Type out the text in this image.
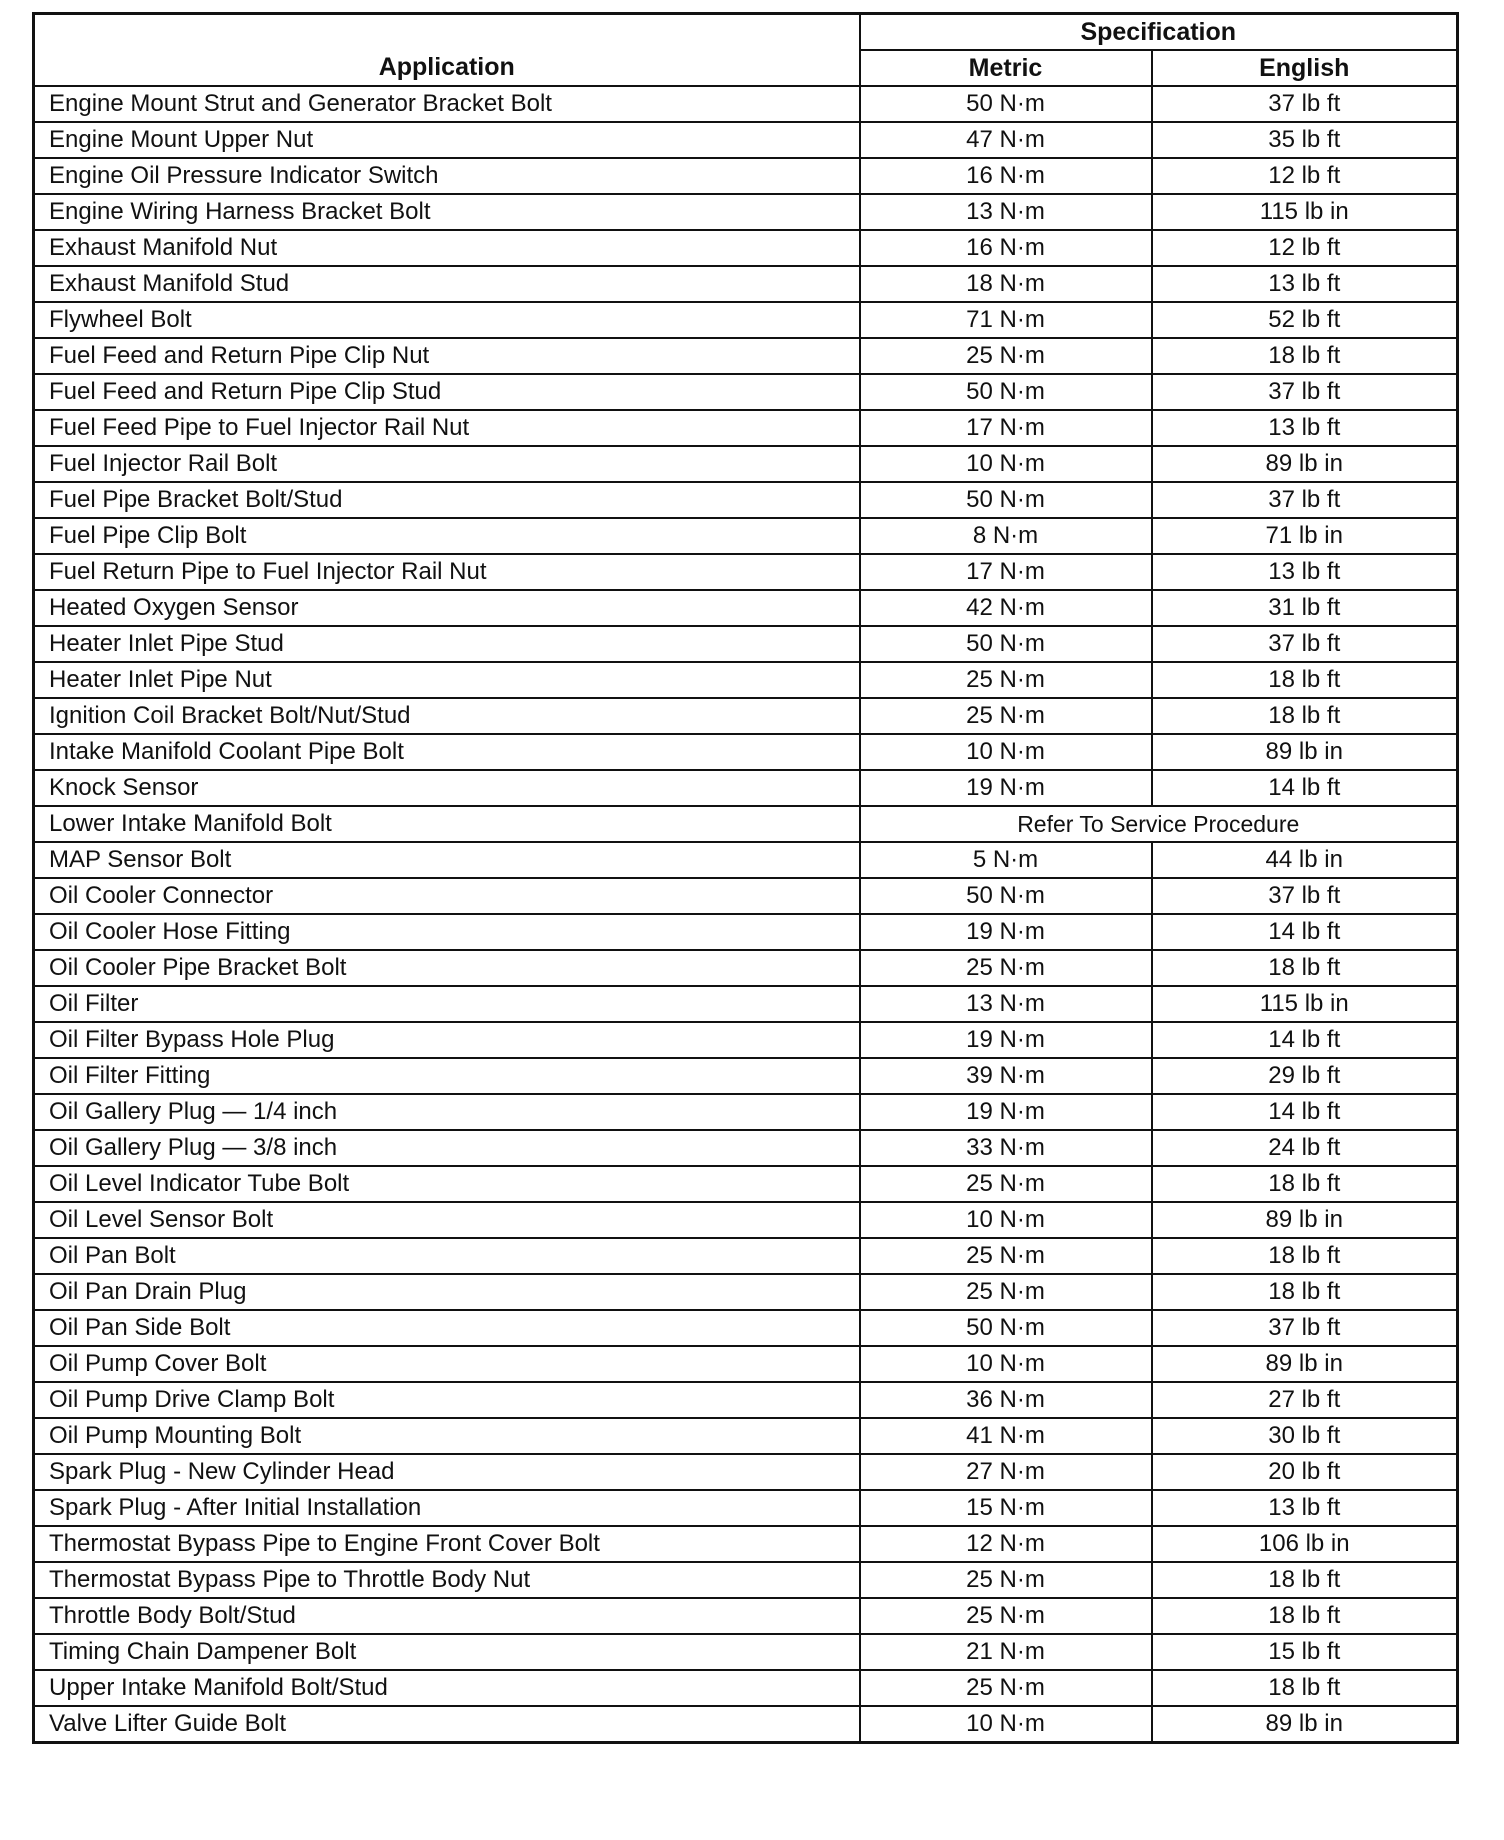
Application	Specification	
	Metric	English
Engine Mount Strut and Generator Bracket Bolt	50 N·m	37 lb ft
Engine Mount Upper Nut	47 N·m	35 lb ft
Engine Oil Pressure Indicator Switch	16 N·m	12 lb ft
Engine Wiring Harness Bracket Bolt	13 N·m	115 lb in
Exhaust Manifold Nut	16 N·m	12 lb ft
Exhaust Manifold Stud	18 N·m	13 lb ft
Flywheel Bolt	71 N·m	52 lb ft
Fuel Feed and Return Pipe Clip Nut	25 N·m	18 lb ft
Fuel Feed and Return Pipe Clip Stud	50 N·m	37 lb ft
Fuel Feed Pipe to Fuel Injector Rail Nut	17 N·m	13 lb ft
Fuel Injector Rail Bolt	10 N·m	89 lb in
Fuel Pipe Bracket Bolt/Stud	50 N·m	37 lb ft
Fuel Pipe Clip Bolt	8 N·m	71 lb in
Fuel Return Pipe to Fuel Injector Rail Nut	17 N·m	13 lb ft
Heated Oxygen Sensor	42 N·m	31 lb ft
Heater Inlet Pipe Stud	50 N·m	37 lb ft
Heater Inlet Pipe Nut	25 N·m	18 lb ft
Ignition Coil Bracket Bolt/Nut/Stud	25 N·m	18 lb ft
Intake Manifold Coolant Pipe Bolt	10 N·m	89 lb in
Knock Sensor	19 N·m	14 lb ft
Lower Intake Manifold Bolt	Refer To Service Procedure	
MAP Sensor Bolt	5 N·m	44 lb in
Oil Cooler Connector	50 N·m	37 lb ft
Oil Cooler Hose Fitting	19 N·m	14 lb ft
Oil Cooler Pipe Bracket Bolt	25 N·m	18 lb ft
Oil Filter	13 N·m	115 lb in
Oil Filter Bypass Hole Plug	19 N·m	14 lb ft
Oil Filter Fitting	39 N·m	29 lb ft
Oil Gallery Plug — 1/4 inch	19 N·m	14 lb ft
Oil Gallery Plug — 3/8 inch	33 N·m	24 lb ft
Oil Level Indicator Tube Bolt	25 N·m	18 lb ft
Oil Level Sensor Bolt	10 N·m	89 lb in
Oil Pan Bolt	25 N·m	18 lb ft
Oil Pan Drain Plug	25 N·m	18 lb ft
Oil Pan Side Bolt	50 N·m	37 lb ft
Oil Pump Cover Bolt	10 N·m	89 lb in
Oil Pump Drive Clamp Bolt	36 N·m	27 lb ft
Oil Pump Mounting Bolt	41 N·m	30 lb ft
Spark Plug - New Cylinder Head	27 N·m	20 lb ft
Spark Plug - After Initial Installation	15 N·m	13 lb ft
Thermostat Bypass Pipe to Engine Front Cover Bolt	12 N·m	106 lb in
Thermostat Bypass Pipe to Throttle Body Nut	25 N·m	18 lb ft
Throttle Body Bolt/Stud	25 N·m	18 lb ft
Timing Chain Dampener Bolt	21 N·m	15 lb ft
Upper Intake Manifold Bolt/Stud	25 N·m	18 lb ft
Valve Lifter Guide Bolt	10 N·m	89 lb in
